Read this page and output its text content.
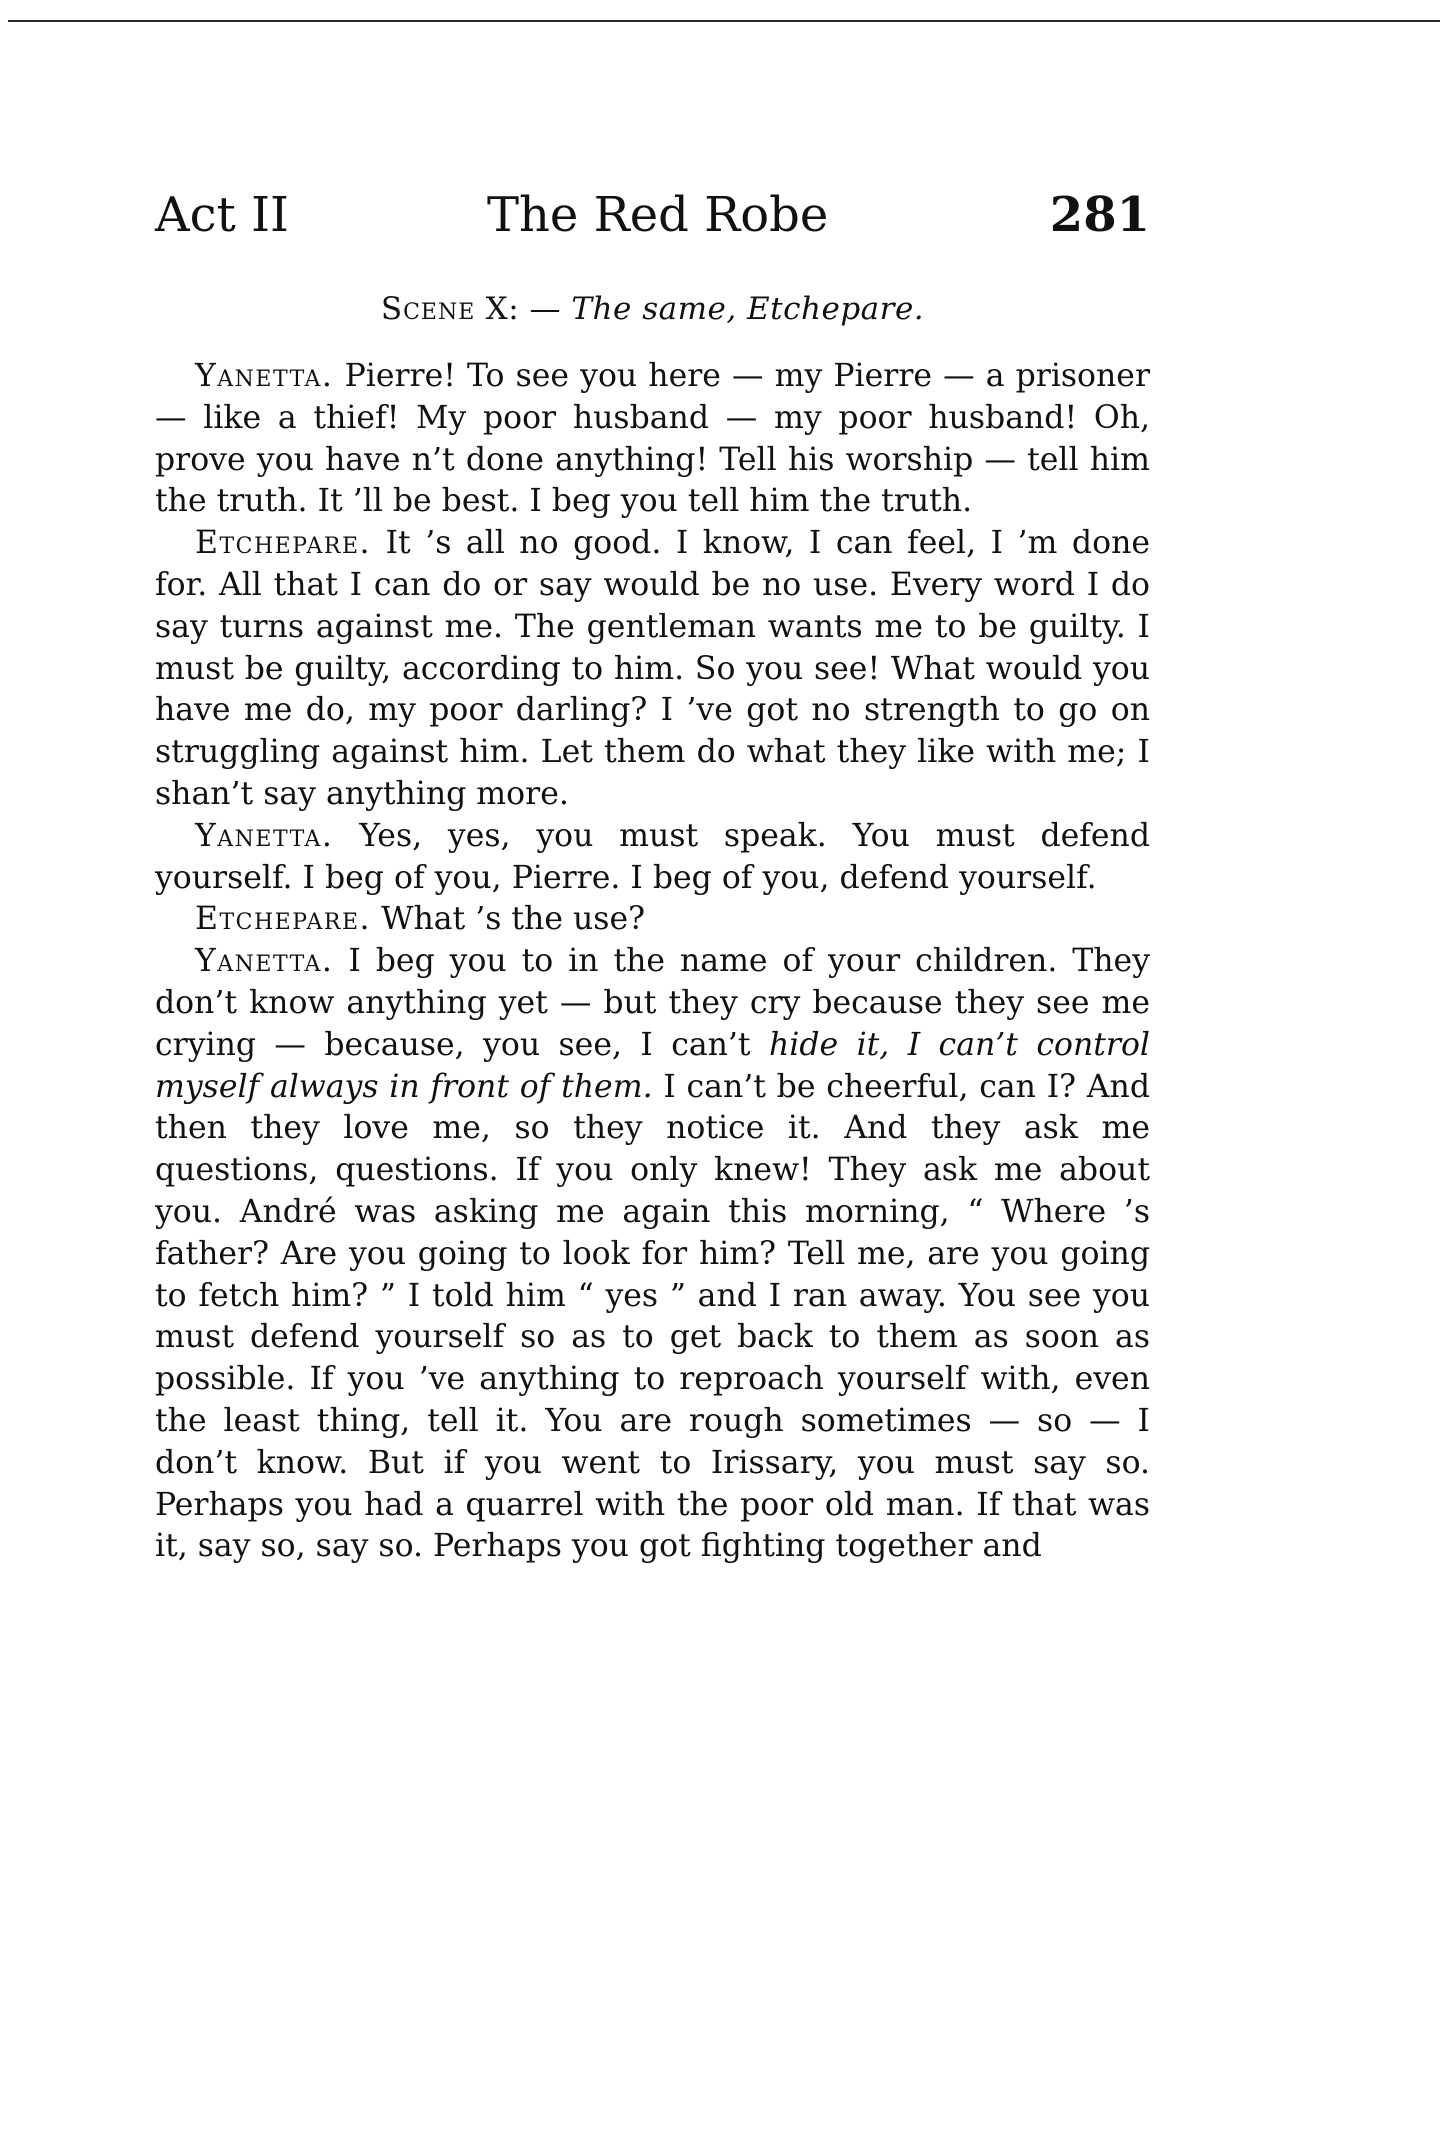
Act II	The Red Robe	281
Scene X: — The same, Etchepare.

Yanetta. Pierre! To see you here — my Pierre — a prisoner — like a thief! My poor husband — my poor husband! Oh, prove you have n’t done anything! Tell his worship — tell him the truth. It ’ll be best. I beg you tell him the truth.

Etchepare. It ’s all no good. I know, I can feel, I ’m done for. All that I can do or say would be no use. Every word I do say turns against me. The gentleman wants me to be guilty. I must be guilty, according to him. So you see! What would you have me do, my poor darling? I ’ve got no strength to go on struggling against him. Let them do what they like with me; I shan’t say anything more.

Yanetta. Yes, yes, you must speak. You must defend yourself. I beg of you, Pierre. I beg of you, defend yourself.

Etchepare. What ’s the use?

Yanetta. I beg you to in the name of your children. They don’t know anything yet — but they cry because they see me crying — because, you see, I can’t hide it, I can’t control myself always in front of them. I can’t be cheerful, can I? And then they love me, so they notice it. And they ask me questions, questions. If you only knew! They ask me about you. André was asking me again this morning, “ Where ’s father? Are you going to look for him? Tell me, are you going to fetch him? ” I told him “ yes ” and I ran away. You see you must defend yourself so as to get back to them as soon as possible. If you ’ve anything to reproach yourself with, even the least thing, tell it. You are rough sometimes — so — I don’t know. But if you went to Irissary, you must say so. Perhaps you had a quarrel with the poor old man. If that was it, say so, say so. Perhaps you got fighting together and
